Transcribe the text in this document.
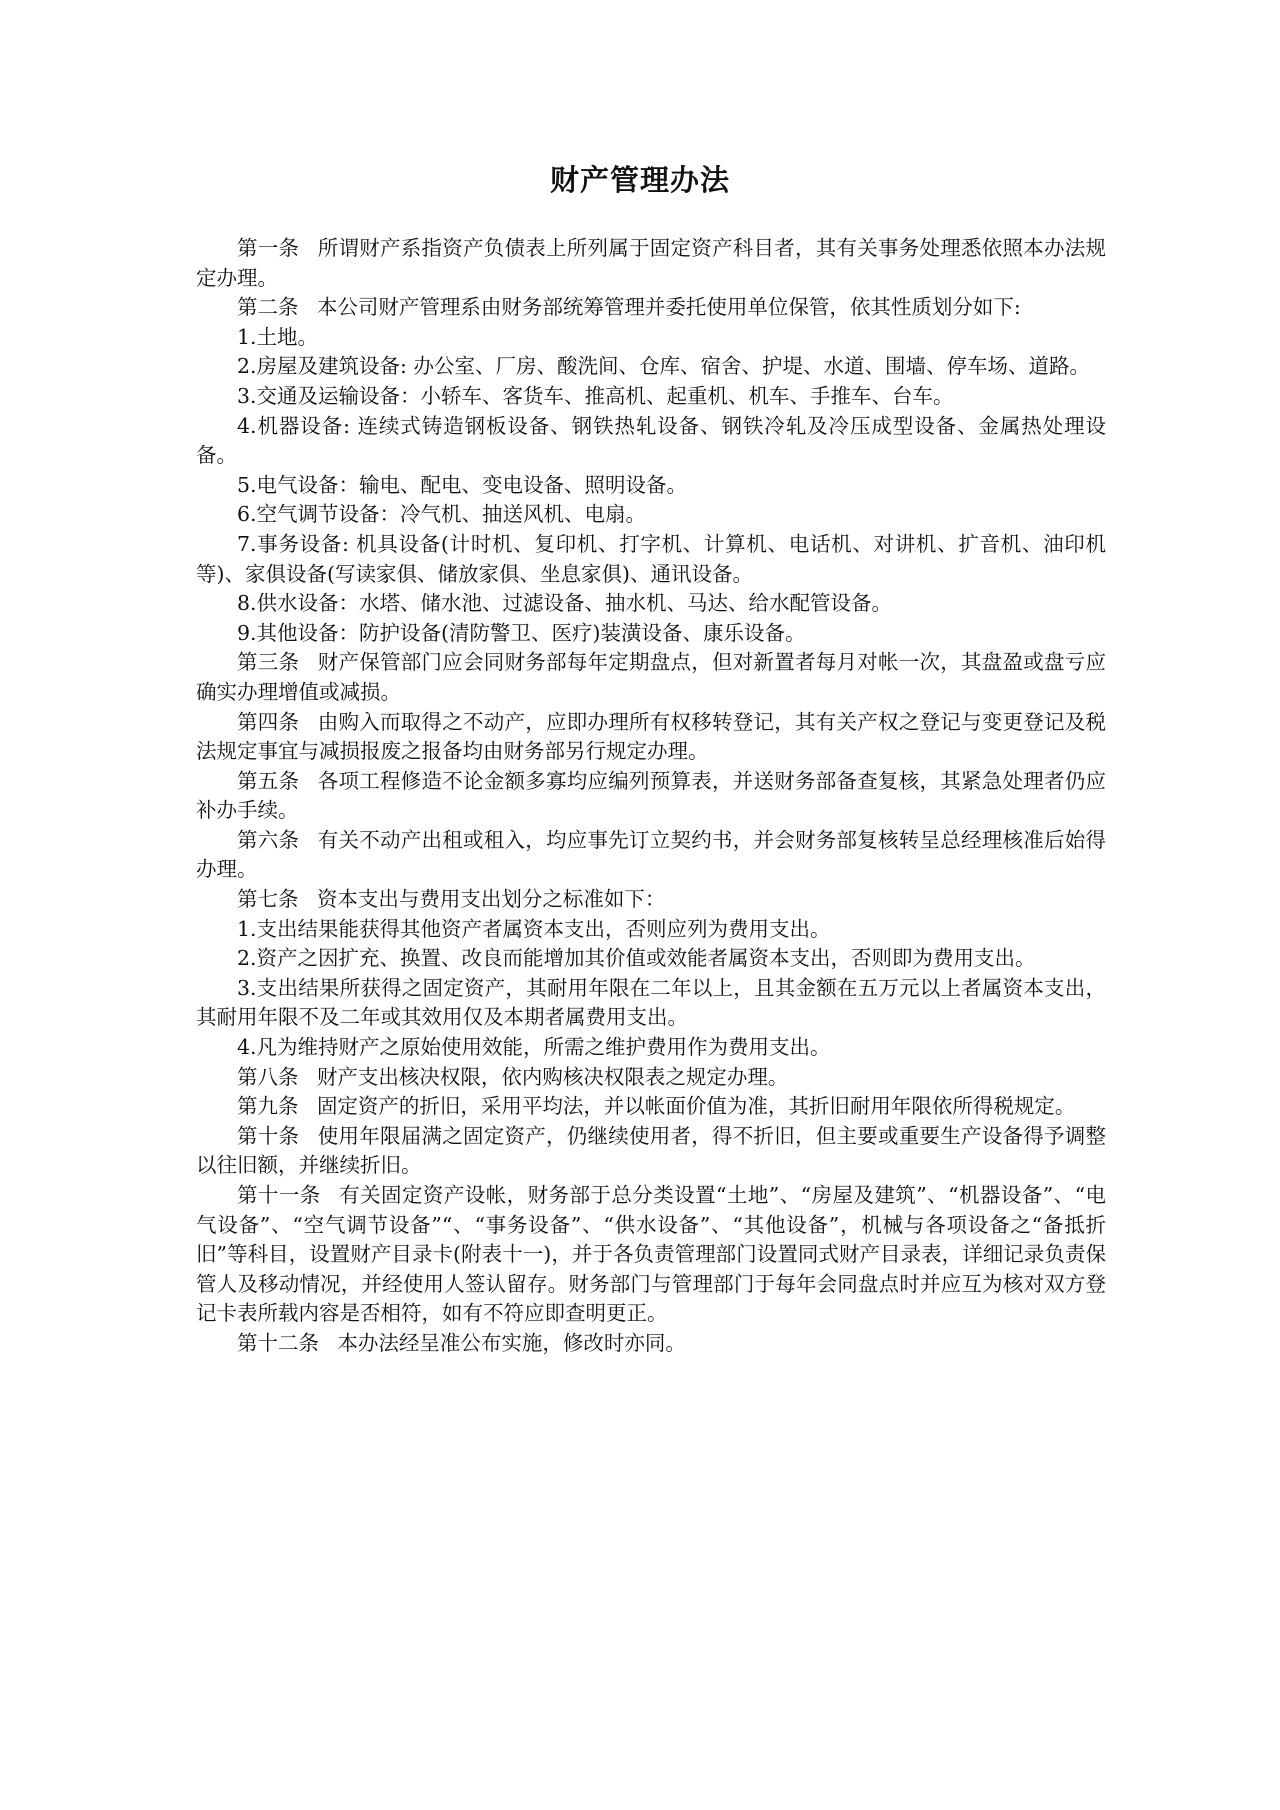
财产管理办法

第一条 所谓财产系指资产负债表上所列属于固定资产科目者，其有关事务处理悉依照本办法规定办理。

第二条 本公司财产管理系由财务部统筹管理并委托使用单位保管，依其性质划分如下:

1.土地。

2.房屋及建筑设备: 办公室、厂房、酸洗间、仓库、宿舍、护堤、水道、围墙、停车场、道路。

3.交通及运输设备：小轿车、客货车、推高机、起重机、机车、手推车、台车。

4.机器设备: 连续式铸造钢板设备、钢铁热轧设备、钢铁冷轧及冷压成型设备、金属热处理设备。

5.电气设备：输电、配电、变电设备、照明设备。

6.空气调节设备：冷气机、抽送风机、电扇。

7.事务设备: 机具设备(计时机、复印机、打字机、计算机、电话机、对讲机、扩音机、油印机等)、家俱设备(写读家俱、储放家俱、坐息家俱)、通讯设备。

8.供水设备：水塔、储水池、过滤设备、抽水机、马达、给水配管设备。

9.其他设备：防护设备(清防警卫、医疗)装潢设备、康乐设备。

第三条 财产保管部门应会同财务部每年定期盘点，但对新置者每月对帐一次，其盘盈或盘亏应确实办理增值或减损。

第四条 由购入而取得之不动产，应即办理所有权移转登记，其有关产权之登记与变更登记及税法规定事宜与减损报废之报备均由财务部另行规定办理。

第五条 各项工程修造不论金额多寡均应编列预算表，并送财务部备查复核，其紧急处理者仍应补办手续。

第六条 有关不动产出租或租入，均应事先订立契约书，并会财务部复核转呈总经理核准后始得办理。

第七条 资本支出与费用支出划分之标准如下：

1.支出结果能获得其他资产者属资本支出，否则应列为费用支出。

2.资产之因扩充、换置、改良而能增加其价值或效能者属资本支出，否则即为费用支出。

3.支出结果所获得之固定资产，其耐用年限在二年以上，且其金额在五万元以上者属资本支出，其耐用年限不及二年或其效用仅及本期者属费用支出。

4.凡为维持财产之原始使用效能，所需之维护费用作为费用支出。

第八条 财产支出核决权限，依内购核决权限表之规定办理。

第九条 固定资产的折旧，采用平均法，并以帐面价值为准，其折旧耐用年限依所得税规定。

第十条 使用年限届满之固定资产，仍继续使用者，得不折旧，但主要或重要生产设备得予调整以往旧额，并继续折旧。

第十一条 有关固定资产设帐，财务部于总分类设置“土地”、“房屋及建筑”、“机器设备”、“电气设备”、“空气调节设备”“、“事务设备”、“供水设备”、“其他设备”，机械与各项设备之“备抵折旧”等科目，设置财产目录卡(附表十一)，并于各负责管理部门设置同式财产目录表，详细记录负责保管人及移动情况，并经使用人签认留存。财务部门与管理部门于每年会同盘点时并应互为核对双方登记卡表所载内容是否相符，如有不符应即查明更正。

第十二条 本办法经呈准公布实施，修改时亦同。
